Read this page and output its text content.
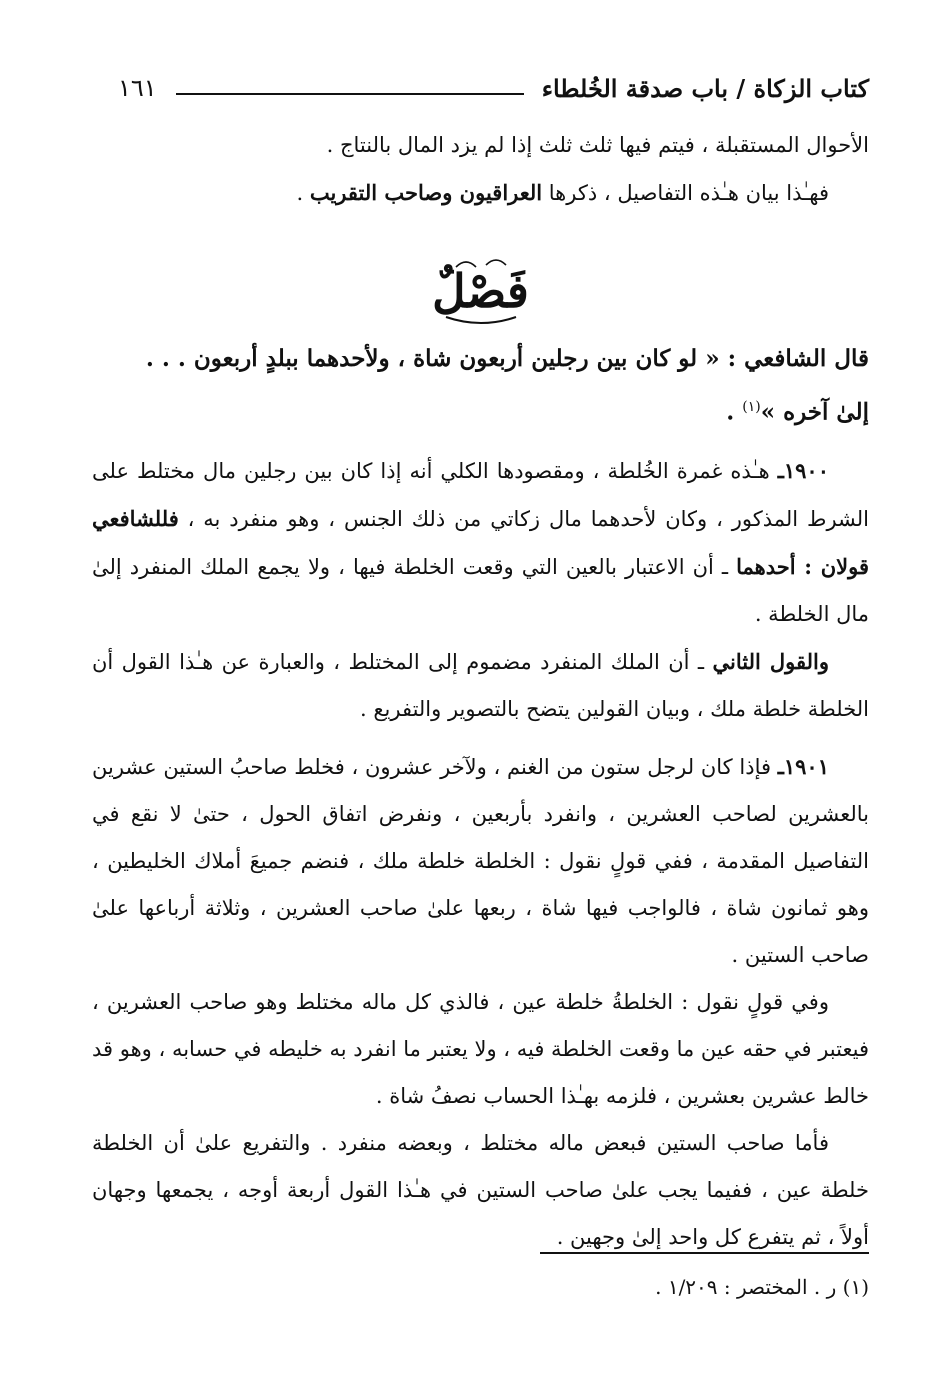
كتاب الزكاة / باب صدقة الخُلطاء
١٦١

الأحوال المستقبلة ، فيتم فيها ثلث ثلث إذا لم يزد المال بالنتاج .

فهـٰذا بيان هـٰذه التفاصيل ، ذكرها العراقيون وصاحب التقريب .

فَصْلٌ

قال الشافعي : « لو كان بين رجلين أربعون شاة ، ولأحدهما ببلدٍ أربعون . . .
إلىٰ آخره »$^{(١)}$ .

١٩٠٠ـ هـٰذه غمرة الخُلطة ، ومقصودها الكلي أنه إذا كان بين رجلين مال مختلط على الشرط المذكور ، وكان لأحدهما مال زكاتي من ذلك الجنس ، وهو منفرد به ، فللشافعي قولان : أحدهما ـ أن الاعتبار بالعين التي وقعت الخلطة فيها ، ولا يجمع الملك المنفرد إلىٰ مال الخلطة .

والقول الثاني ـ أن الملك المنفرد مضموم إلى المختلط ، والعبارة عن هـٰذا القول أن الخلطة خلطة ملك ، وبيان القولين يتضح بالتصوير والتفريع .

١٩٠١ـ فإذا كان لرجل ستون من الغنم ، ولآخر عشرون ، فخلط صاحبُ الستين عشرين بالعشرين لصاحب العشرين ، وانفرد بأربعين ، ونفرض اتفاق الحول ، حتىٰ لا نقع في التفاصيل المقدمة ، ففي قولٍ نقول : الخلطة خلطة ملك ، فنضم جميعَ أملاك الخليطين ، وهو ثمانون شاة ، فالواجب فيها شاة ، ربعها علىٰ صاحب العشرين ، وثلاثة أرباعها علىٰ صاحب الستين .

وفي قولٍ نقول : الخلطةُ خلطة عين ، فالذي كل ماله مختلط وهو صاحب العشرين ، فيعتبر في حقه عين ما وقعت الخلطة فيه ، ولا يعتبر ما انفرد به خليطه في حسابه ، وهو قد خالط عشرين بعشرين ، فلزمه بهـٰذا الحساب نصفُ شاة .

فأما صاحب الستين فبعض ماله مختلط ، وبعضه منفرد . والتفريع علىٰ أن الخلطة خلطة عين ، ففيما يجب علىٰ صاحب الستين في هـٰذا القول أربعة أوجه ، يجمعها وجهان أولاً ، ثم يتفرع كل واحد إلىٰ وجهين .

(١) ر . المختصر : ١/٢٠٩ .
